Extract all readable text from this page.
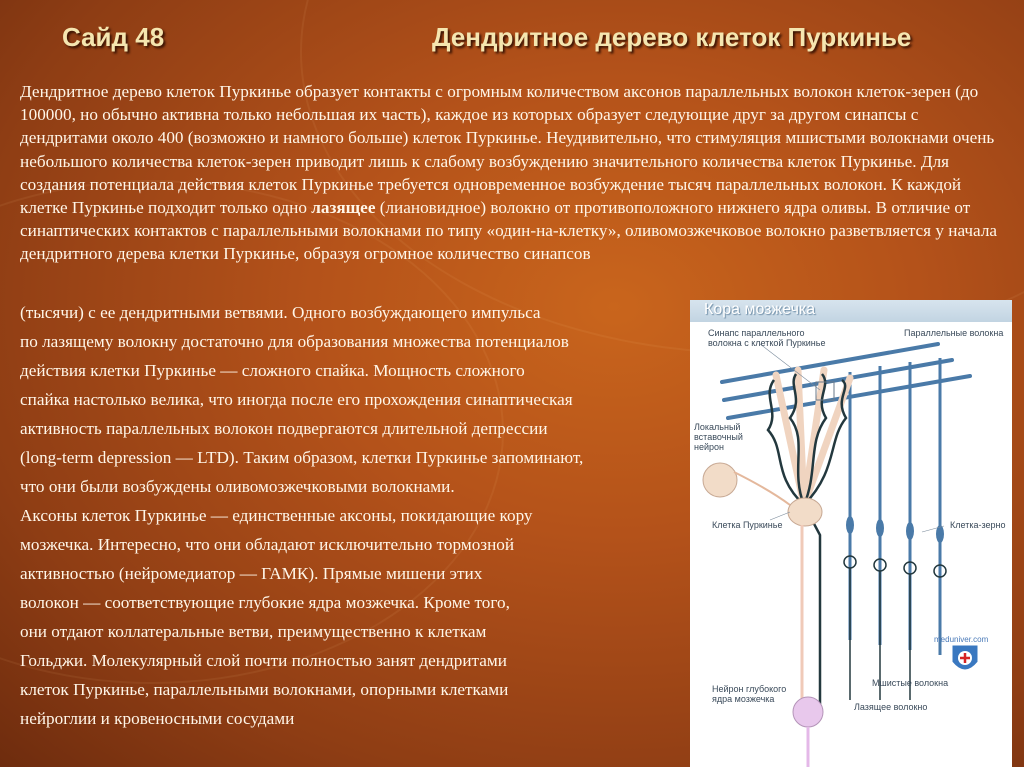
Сайд 48	Дендритное дерево клеток Пуркинье

Дендритное дерево клеток Пуркинье образует контакты с огромным количеством аксонов параллельных волокон клеток-зерен (до 100000, но обычно активна только небольшая их часть), каждое из которых образует следующие друг за другом синапсы с дендритами около 400 (возможно и намного больше) клеток Пуркинье. Неудивительно, что стимуляция мшистыми волокнами очень небольшого количества клеток-зерен приводит лишь к слабому возбуждению значительного количества клеток Пуркинье. Для создания потенциала действия клеток Пуркинье требуется одновременное возбуждение тысяч параллельных волокон. К каждой клетке Пуркинье подходит только одно лазящее (лиановидное) волокно от противоположного нижнего ядра оливы. В отличие от синаптических контактов с параллельными волокнами по типу «один-на-клетку», оливомозжечковое волокно разветвляется у начала дендритного дерева клетки Пуркинье, образуя огромное количество синапсов

(тысячи) с ее дендритными ветвями. Одного возбуждающего импульса
по лазящему волокну достаточно для образования множества потенциалов
действия клетки Пуркинье — сложного спайка. Мощность сложного
спайка настолько велика, что иногда после его прохождения синаптическая
активность параллельных волокон подвергаются длительной депрессии
(long-term depression — LTD). Таким образом, клетки Пуркинье запоминают,
что они были возбуждены оливомозжечковыми волокнами.
Аксоны клеток Пуркинье — единственные аксоны, покидающие кору
мозжечка. Интересно, что они обладают исключительно тормозной
активностью (нейромедиатор — ГАМК). Прямые мишени этих
волокон — соответствующие глубокие ядра мозжечка. Кроме того,
они отдают коллатеральные ветви, преимущественно к клеткам
Гольджи. Молекулярный слой почти полностью занят дендритами
клеток Пуркинье, параллельными волокнами, опорными клетками
нейроглии и кровеносными сосудами
Кора мозжечка
Синапс параллельного
волокна с клеткой Пуркинье
Параллельные волокна
Локальный
вставочный
нейрон
Клетка Пуркинье	Клетка-зерно
Мшистые волокна
Нейрон глубокого
ядра мозжечка
Лазящее волокно
meduniver.com
